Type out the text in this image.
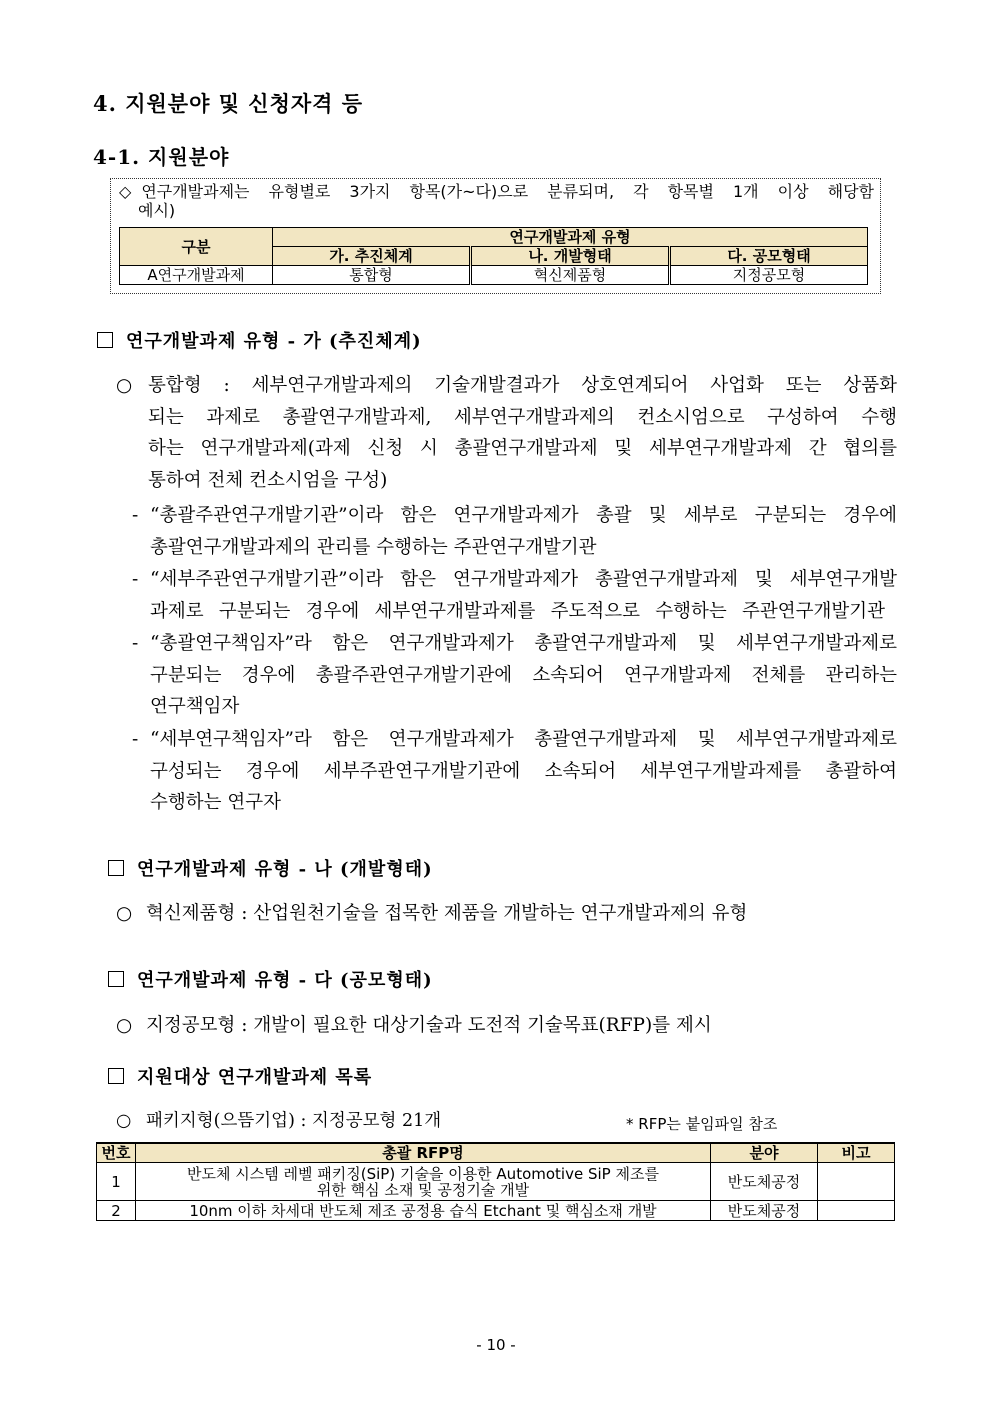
4. 지원분야 및 신청자격 등
4-1. 지원분야
◇ 연구개발과제는 유형별로 3가지 항목(가~다)으로 분류되며, 각 항목별 1개 이상 해당함
예시)
구분	연구개발과제 유형		
	가. 추진체계	나. 개발형태	다. 공모형태
A연구개발과제	통합형	혁신제품형	지정공모형
연구개발과제 유형 - 가 (추진체계)
○ 통합형 : 세부연구개발과제의 기술개발결과가 상호연계되어 사업화 또는 상품화
되는 과제로 총괄연구개발과제, 세부연구개발과제의 컨소시엄으로 구성하여 수행
하는 연구개발과제(과제 신청 시 총괄연구개발과제 및 세부연구개발과제 간 협의를
통하여 전체 컨소시엄을 구성)
- “총괄주관연구개발기관”이라 함은 연구개발과제가 총괄 및 세부로 구분되는 경우에
총괄연구개발과제의 관리를 수행하는 주관연구개발기관
- “세부주관연구개발기관”이라 함은 연구개발과제가 총괄연구개발과제 및 세부연구개발
과제로 구분되는 경우에 세부연구개발과제를 주도적으로 수행하는 주관연구개발기관
- “총괄연구책임자”라 함은 연구개발과제가 총괄연구개발과제 및 세부연구개발과제로
구분되는 경우에 총괄주관연구개발기관에 소속되어 연구개발과제 전체를 관리하는
연구책임자
- “세부연구책임자”라 함은 연구개발과제가 총괄연구개발과제 및 세부연구개발과제로
구성되는 경우에 세부주관연구개발기관에 소속되어 세부연구개발과제를 총괄하여
수행하는 연구자
연구개발과제 유형 - 나 (개발형태)
○ 혁신제품형 : 산업원천기술을 접목한 제품을 개발하는 연구개발과제의 유형
연구개발과제 유형 - 다 (공모형태)
○ 지정공모형 : 개발이 필요한 대상기술과 도전적 기술목표(RFP)를 제시
지원대상 연구개발과제 목록
○ 패키지형(으뜸기업) : 지정공모형 21개	* RFP는 붙임파일 참조
번호	총괄 RFP명	분야	비고
1	반도체 시스템 레벨 패키징(SiP) 기술을 이용한 Automotive SiP 제조를
위한 핵심 소재 및 공정기술 개발	반도체공정	
2	10nm 이하 차세대 반도체 제조 공정용 습식 Etchant 및 핵심소재 개발	반도체공정	
- 10 -
